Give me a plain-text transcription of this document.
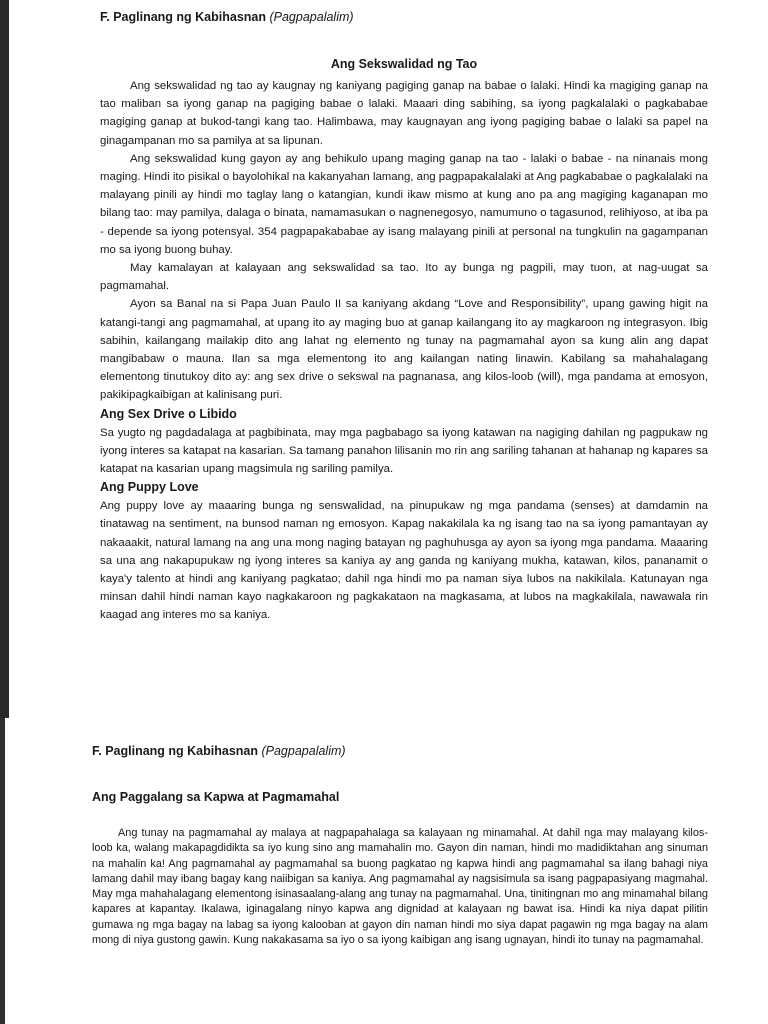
F. Paglinang ng Kabihasnan (Pagpapalalim)
Ang Sekswalidad ng Tao

Ang sekswalidad ng tao ay kaugnay ng kaniyang pagiging ganap na babae o lalaki. Hindi ka magiging ganap na tao maliban sa iyong ganap na pagiging babae o lalaki. Maaari ding sabihing, sa iyong pagkalalaki o pagkababae magiging ganap at bukod-tangi kang tao. Halimbawa, may kaugnayan ang iyong pagiging babae o lalaki sa papel na ginagampanan mo sa pamilya at sa lipunan.

Ang sekswalidad kung gayon ay ang behikulo upang maging ganap na tao - lalaki o babae - na ninanais mong maging. Hindi ito pisikal o bayolohikal na kakanyahan lamang, ang pagpapakalalaki at Ang pagkababae o pagkalalaki na malayang pinili ay hindi mo taglay lang o katangian, kundi ikaw mismo at kung ano pa ang magiging kaganapan mo bilang tao: may pamilya, dalaga o binata, namamasukan o nagnenegosyo, namumuno o tagasunod, relihiyoso, at iba pa - depende sa iyong potensyal. 354 pagpapakababae ay isang malayang pinili at personal na tungkulin na gagampanan mo sa iyong buong buhay.

May kamalayan at kalayaan ang sekswalidad sa tao. Ito ay bunga ng pagpili, may tuon, at nag-uugat sa pagmamahal.

Ayon sa Banal na si Papa Juan Paulo II sa kaniyang akdang “Love and Responsibility”, upang gawing higit na katangi-tangi ang pagmamahal, at upang ito ay maging buo at ganap kailangang ito ay magkaroon ng integrasyon. Ibig sabihin, kailangang mailakip dito ang lahat ng elemento ng tunay na pagmamahal ayon sa kung alin ang dapat mangibabaw o mauna. Ilan sa mga elementong ito ang kailangan nating linawin. Kabilang sa mahahalagang elementong tinutukoy dito ay: ang sex drive o sekswal na pagnanasa, ang kilos-loob (will), mga pandama at emosyon, pakikipagkaibigan at kalinisang puri.

Ang Sex Drive o Libido

Sa yugto ng pagdadalaga at pagbibinata, may mga pagbabago sa iyong katawan na nagiging dahilan ng pagpukaw ng iyong interes sa katapat na kasarian. Sa tamang panahon lilisanin mo rin ang sariling tahanan at hahanap ng kapares sa katapat na kasarian upang magsimula ng sariling pamilya.

Ang Puppy Love

Ang puppy love ay maaaring bunga ng senswalidad, na pinupukaw ng mga pandama (senses) at damdamin na tinatawag na sentiment, na bunsod naman ng emosyon. Kapag nakakilala ka ng isang tao na sa iyong pamantayan ay nakaaakit, natural lamang na ang una mong naging batayan ng paghuhusga ay ayon sa iyong mga pandama. Maaaring sa una ang nakapupukaw ng iyong interes sa kaniya ay ang ganda ng kaniyang mukha, katawan, kilos, pananamit o kaya'y talento at hindi ang kaniyang pagkatao; dahil nga hindi mo pa naman siya lubos na nakikilala. Katunayan nga minsan dahil hindi naman kayo nagkakaroon ng pagkakataon na magkasama, at lubos na magkakilala, nawawala rin kaagad ang interes mo sa kaniya.

F. Paglinang ng Kabihasnan (Pagpapalalim)
Ang Paggalang sa Kapwa at Pagmamahal

Ang tunay na pagmamahal ay malaya at nagpapahalaga sa kalayaan ng minamahal. At dahil nga may malayang kilos-loob ka, walang makapagdidikta sa iyo kung sino ang mamahalin mo. Gayon din naman, hindi mo madidiktahan ang sinuman na mahalin ka! Ang pagmamahal ay pagmamahal sa buong pagkatao ng kapwa hindi ang pagmamahal sa ilang bahagi niya lamang dahil may ibang bagay kang naiibigan sa kaniya. Ang pagmamahal ay nagsisimula sa isang pagpapasiyang magmahal. May mga mahahalagang elementong isinasaalang-alang ang tunay na pagmamahal. Una, tinitingnan mo ang minamahal bilang kapares at kapantay. Ikalawa, iginagalang ninyo kapwa ang dignidad at kalayaan ng bawat isa. Hindi ka niya dapat pilitin gumawa ng mga bagay na labag sa iyong kalooban at gayon din naman hindi mo siya dapat pagawin ng mga bagay na alam mong di niya gustong gawin. Kung nakakasama sa iyo o sa iyong kaibigan ang isang ugnayan, hindi ito tunay na pagmamahal.
